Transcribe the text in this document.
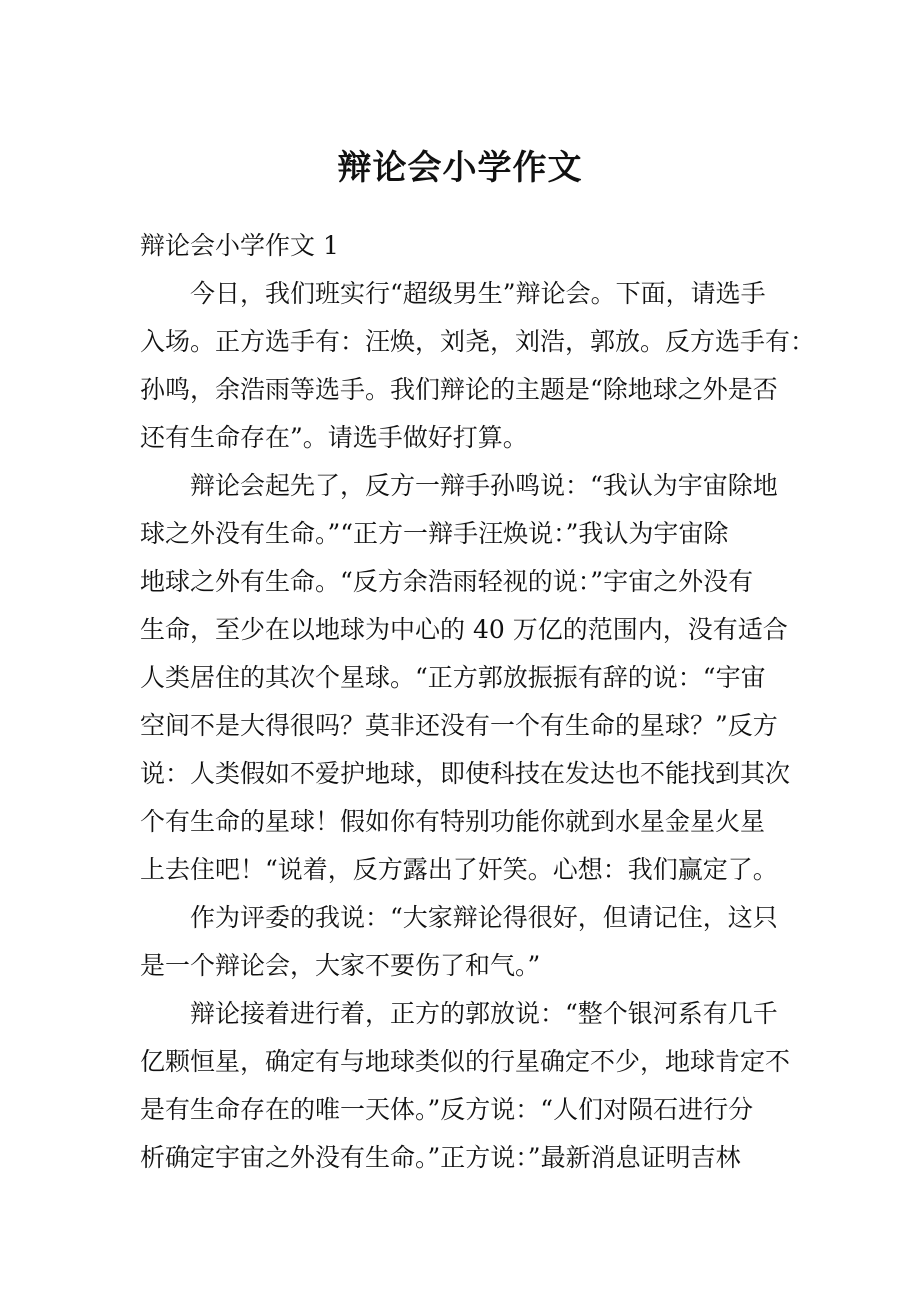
辩论会小学作文
辩论会小学作文 1
今日，我们班实行“超级男生”辩论会。下面，请选手
入场。正方选手有：汪焕，刘尧，刘浩，郭放。反方选手有：
孙鸣，余浩雨等选手。我们辩论的主题是“除地球之外是否
还有生命存在”。请选手做好打算。
辩论会起先了，反方一辩手孙鸣说：“我认为宇宙除地
球之外没有生命。”“正方一辩手汪焕说：”我认为宇宙除
地球之外有生命。“反方余浩雨轻视的说：”宇宙之外没有
生命，至少在以地球为中心的 40 万亿的范围内，没有适合
人类居住的其次个星球。“正方郭放振振有辞的说：“宇宙
空间不是大得很吗？莫非还没有一个有生命的星球？”反方
说：人类假如不爱护地球，即使科技在发达也不能找到其次
个有生命的星球！假如你有特别功能你就到水星金星火星
上去住吧！“说着，反方露出了奸笑。心想：我们赢定了。
作为评委的我说：“大家辩论得很好，但请记住，这只
是一个辩论会，大家不要伤了和气。”
辩论接着进行着，正方的郭放说：“整个银河系有几千
亿颗恒星，确定有与地球类似的行星确定不少，地球肯定不
是有生命存在的唯一天体。”反方说：“人们对陨石进行分
析确定宇宙之外没有生命。”正方说：”最新消息证明吉林
